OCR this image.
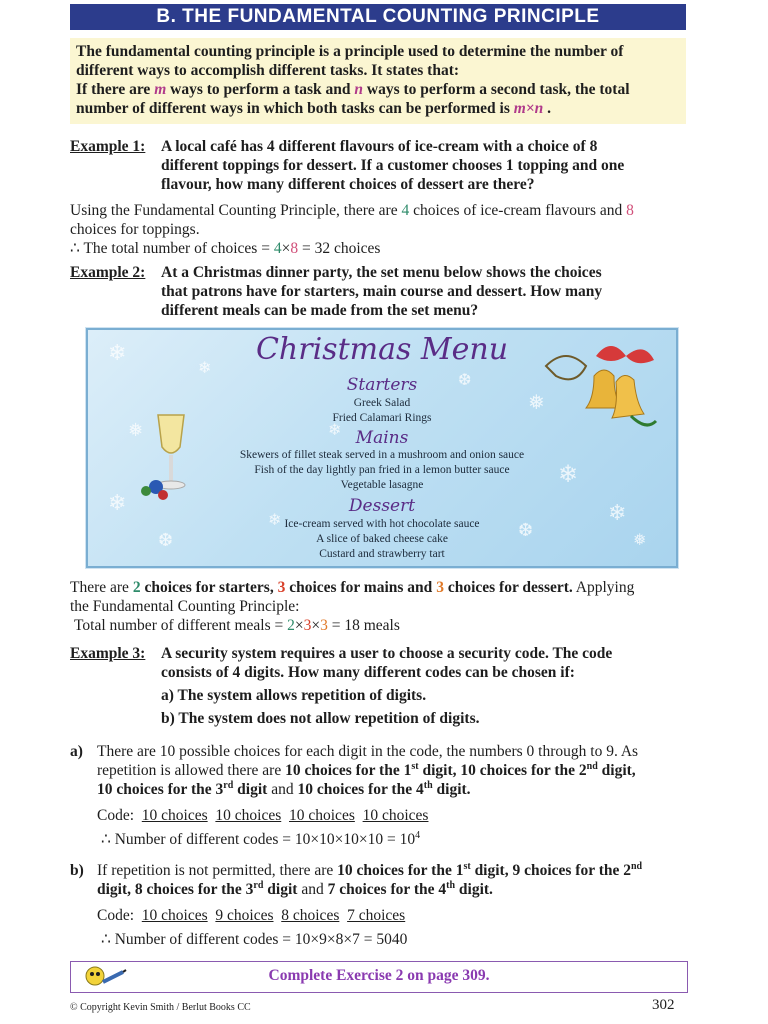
B. THE FUNDAMENTAL COUNTING PRINCIPLE
The fundamental counting principle is a principle used to determine the number of
different ways to accomplish different tasks. It states that:
If there are m ways to perform a task and n ways to perform a second task, the total
number of different ways in which both tasks can be performed is m×n .
Example 1: A local café has 4 different flavours of ice-cream with a choice of 8
different toppings for dessert. If a customer chooses 1 topping and one
flavour, how many different choices of dessert are there?
Using the Fundamental Counting Principle, there are 4 choices of ice-cream flavours and 8
choices for toppings.
∴ The total number of choices = 4×8 = 32 choices
Example 2: At a Christmas dinner party, the set menu below shows the choices
that patrons have for starters, main course and dessert. How many
different meals can be made from the set menu?
❄
❄
❅
❄
❆
❄
❅
❄
❆
❄
❅
❄
❆
Christmas Menu
Starters
Greek Salad
Fried Calamari Rings
Mains
Skewers of fillet steak served in a mushroom and onion sauce
Fish of the day lightly pan fried in a lemon butter sauce
Vegetable lasagne
Dessert
Ice-cream served with hot chocolate sauce
A slice of baked cheese cake
Custard and strawberry tart
There are 2 choices for starters, 3 choices for mains and 3 choices for dessert. Applying
the Fundamental Counting Principle:
Total number of different meals = 2×3×3 = 18 meals
Example 3: A security system requires a user to choose a security code. The code
consists of 4 digits. How many different codes can be chosen if:
a) The system allows repetition of digits.
b) The system does not allow repetition of digits.
a) There are 10 possible choices for each digit in the code, the numbers 0 through to 9. As
repetition is allowed there are 10 choices for the 1st digit, 10 choices for the 2nd digit,
10 choices for the 3rd digit and 10 choices for the 4th digit.
Code: 10 choices 10 choices 10 choices 10 choices
∴ Number of different codes = $10\times 10\times 10\times 10 = 10^4$
b) If repetition is not permitted, there are 10 choices for the 1st digit, 9 choices for the 2nd
digit, 8 choices for the 3rd digit and 7 choices for the 4th digit.
Code: 10 choices 9 choices 8 choices 7 choices
∴ Number of different codes = 10×9×8×7 = 5040
Complete Exercise 2 on page 309.
© Copyright Kevin Smith / Berlut Books CC	302
